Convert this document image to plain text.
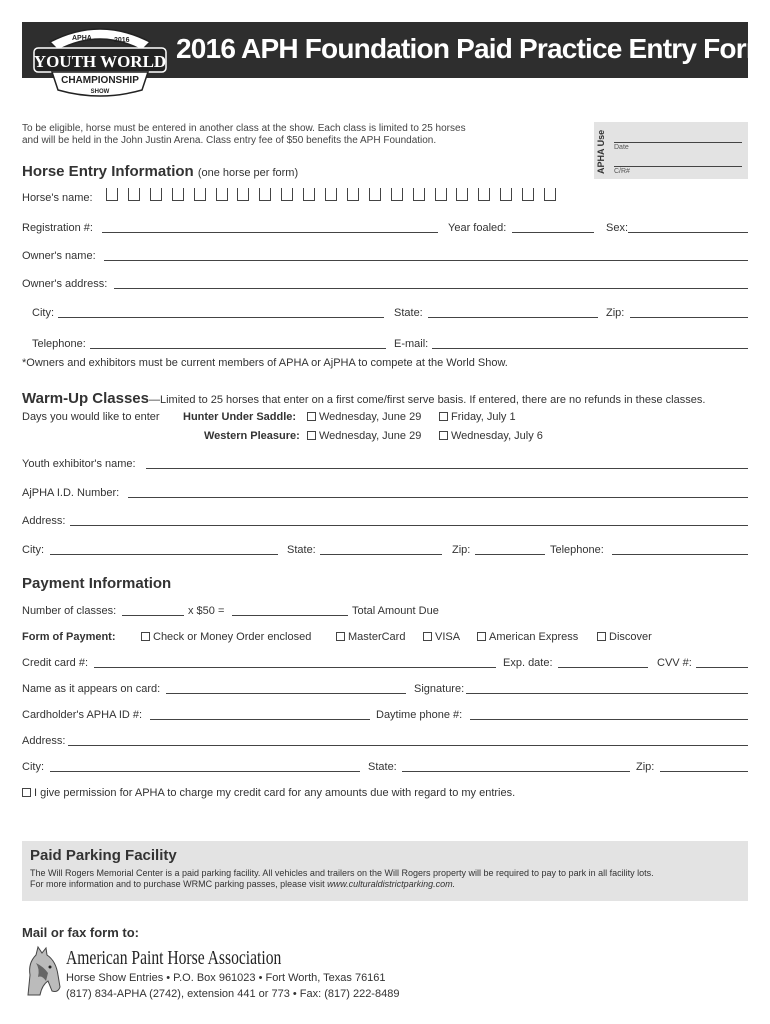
2016 APH Foundation Paid Practice Entry Form
APHA	2016
YOUTH WORLD
CHAMPIONSHIP
SHOW
To be eligible, horse must be entered in another class at the show. Each class is limited to 25 horses
and will be held in the John Justin Arena. Class entry fee of $50 benefits the APH Foundation.	APHA Use	Date
C/R#
Horse Entry Information (one horse per form)
Horse's name:
Registration #:	Year foaled:	Sex:
Owner's name:
Owner's address:
City:	State:	Zip:
Telephone:	E-mail:
*Owners and exhibitors must be current members of APHA or AjPHA to compete at the World Show.
Warm-Up Classes—Limited to 25 horses that enter on a first come/first serve basis. If entered, there are no refunds in these classes.
Days you would like to enter Hunter Under Saddle:	Wednesday, June 29	Friday, July 1
Western Pleasure:	Wednesday, June 29	Wednesday, July 6
Youth exhibitor's name:
AjPHA I.D. Number:
Address:
City:	State:	Zip:	Telephone:
Payment Information
Number of classes:	x $50 =	Total Amount Due
Form of Payment:	Check or Money Order enclosed	MasterCard	VISA	American Express	Discover
Credit card #:	Exp. date:	CVV #:
Name as it appears on card:	Signature:
Cardholder's APHA ID #:	Daytime phone #:
Address:
City:	State:	Zip:
I give permission for APHA to charge my credit card for any amounts due with regard to my entries.
Paid Parking Facility
The Will Rogers Memorial Center is a paid parking facility. All vehicles and trailers on the Will Rogers property will be required to pay to park in all facility lots.
For more information and to purchase WRMC parking passes, please visit www.culturaldistrictparking.com.
Mail or fax form to:
American Paint Horse Association
Horse Show Entries • P.O. Box 961023 • Fort Worth, Texas 76161
(817) 834-APHA (2742), extension 441 or 773 • Fax: (817) 222-8489
